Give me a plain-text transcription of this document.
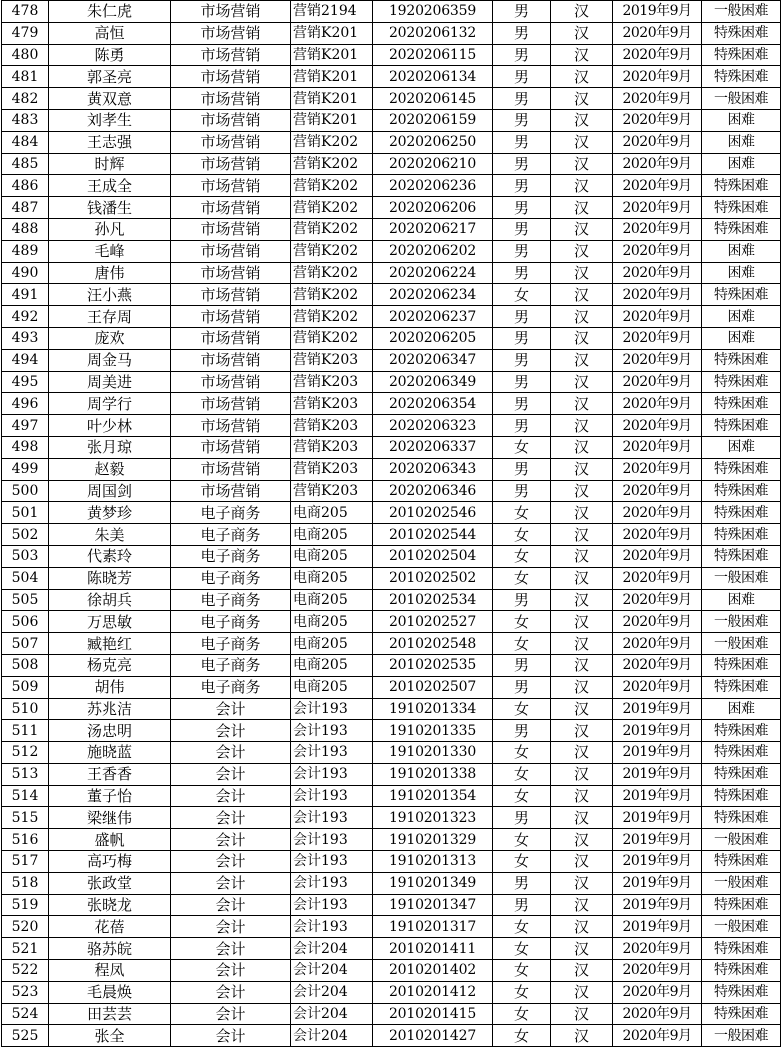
478	朱仁虎	市场营销	营销2194	1920206359	男	汉	2019年9月	一般困难
479	高恒	市场营销	营销K201	2020206132	男	汉	2020年9月	特殊困难
480	陈勇	市场营销	营销K201	2020206115	男	汉	2020年9月	特殊困难
481	郭圣亮	市场营销	营销K201	2020206134	男	汉	2020年9月	特殊困难
482	黄双意	市场营销	营销K201	2020206145	男	汉	2020年9月	一般困难
483	刘孝生	市场营销	营销K201	2020206159	男	汉	2020年9月	困难
484	王志强	市场营销	营销K202	2020206250	男	汉	2020年9月	困难
485	时辉	市场营销	营销K202	2020206210	男	汉	2020年9月	困难
486	王成全	市场营销	营销K202	2020206236	男	汉	2020年9月	特殊困难
487	钱潘生	市场营销	营销K202	2020206206	男	汉	2020年9月	特殊困难
488	孙凡	市场营销	营销K202	2020206217	男	汉	2020年9月	特殊困难
489	毛峰	市场营销	营销K202	2020206202	男	汉	2020年9月	困难
490	唐伟	市场营销	营销K202	2020206224	男	汉	2020年9月	困难
491	汪小燕	市场营销	营销K202	2020206234	女	汉	2020年9月	特殊困难
492	王存周	市场营销	营销K202	2020206237	男	汉	2020年9月	困难
493	庞欢	市场营销	营销K202	2020206205	男	汉	2020年9月	困难
494	周金马	市场营销	营销K203	2020206347	男	汉	2020年9月	特殊困难
495	周美进	市场营销	营销K203	2020206349	男	汉	2020年9月	特殊困难
496	周学行	市场营销	营销K203	2020206354	男	汉	2020年9月	特殊困难
497	叶少林	市场营销	营销K203	2020206323	男	汉	2020年9月	特殊困难
498	张月琼	市场营销	营销K203	2020206337	女	汉	2020年9月	困难
499	赵毅	市场营销	营销K203	2020206343	男	汉	2020年9月	特殊困难
500	周国剑	市场营销	营销K203	2020206346	男	汉	2020年9月	特殊困难
501	黄梦珍	电子商务	电商205	2010202546	女	汉	2020年9月	特殊困难
502	朱美	电子商务	电商205	2010202544	女	汉	2020年9月	特殊困难
503	代素玲	电子商务	电商205	2010202504	女	汉	2020年9月	特殊困难
504	陈晓芳	电子商务	电商205	2010202502	女	汉	2020年9月	一般困难
505	徐胡兵	电子商务	电商205	2010202534	男	汉	2020年9月	困难
506	万思敏	电子商务	电商205	2010202527	女	汉	2020年9月	一般困难
507	臧艳红	电子商务	电商205	2010202548	女	汉	2020年9月	一般困难
508	杨克亮	电子商务	电商205	2010202535	男	汉	2020年9月	特殊困难
509	胡伟	电子商务	电商205	2010202507	男	汉	2020年9月	特殊困难
510	苏兆洁	会计	会计193	1910201334	女	汉	2019年9月	困难
511	汤忠明	会计	会计193	1910201335	男	汉	2019年9月	特殊困难
512	施晓蓝	会计	会计193	1910201330	女	汉	2019年9月	特殊困难
513	王香香	会计	会计193	1910201338	女	汉	2019年9月	特殊困难
514	董子怡	会计	会计193	1910201354	女	汉	2019年9月	特殊困难
515	梁继伟	会计	会计193	1910201323	男	汉	2019年9月	特殊困难
516	盛帆	会计	会计193	1910201329	女	汉	2019年9月	一般困难
517	高巧梅	会计	会计193	1910201313	女	汉	2019年9月	特殊困难
518	张政堂	会计	会计193	1910201349	男	汉	2019年9月	一般困难
519	张晓龙	会计	会计193	1910201347	男	汉	2019年9月	特殊困难
520	花蓓	会计	会计193	1910201317	女	汉	2019年9月	一般困难
521	骆苏皖	会计	会计204	2010201411	女	汉	2020年9月	特殊困难
522	程凤	会计	会计204	2010201402	女	汉	2020年9月	特殊困难
523	毛晨焕	会计	会计204	2010201412	女	汉	2020年9月	特殊困难
524	田芸芸	会计	会计204	2010201415	女	汉	2020年9月	特殊困难
525	张全	会计	会计204	2010201427	女	汉	2020年9月	一般困难
